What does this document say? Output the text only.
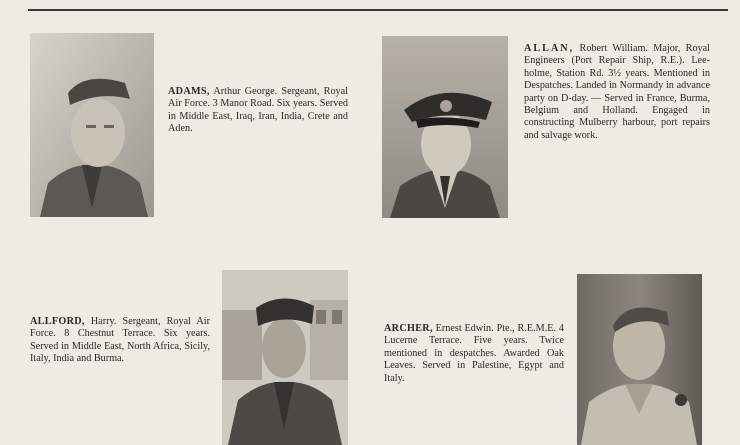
ADAMS, Arthur George. Sergeant, Royal Air Force. 3 Manor Road. Six years. Served in Middle East, Iraq, Iran, India, Crete and Aden.
ALLAN, Robert William. Major, Royal Engineers (Port Repair Ship, R.E.). Lee-holme, Station Rd. 3½ years. Mentioned in Despatches. Landed in Normandy in advance party on D-day. — Served in France, Burma, Belgium and Holland. Engaged in constructing Mulberry harbour, port repairs and salvage work.
ALLFORD, Harry. Sergeant, Royal Air Force. 8 Chestnut Terrace. Six years. Served in Middle East, North Africa, Sicily, Italy, India and Burma.
ARCHER, Ernest Edwin. Pte., R.E.M.E. 4 Lucerne Terrace. Five years. Twice mentioned in despatches. Awarded Oak Leaves. Served in Palestine, Egypt and Italy.
